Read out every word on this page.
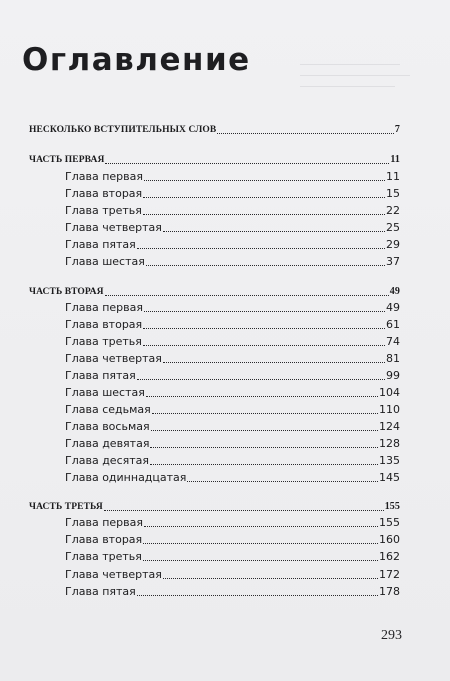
Оглавление
НЕСКОЛЬКО ВСТУПИТЕЛЬНЫХ СЛОВ	7
ЧАСТЬ ПЕРВАЯ	11
Глава первая	11
Глава вторая	15
Глава третья	22
Глава четвертая	25
Глава пятая	29
Глава шестая	37
ЧАСТЬ ВТОРАЯ	49
Глава первая	49
Глава вторая	61
Глава третья	74
Глава четвертая	81
Глава пятая	99
Глава шестая	104
Глава седьмая	110
Глава восьмая	124
Глава девятая	128
Глава десятая	135
Глава одиннадцатая	145
ЧАСТЬ ТРЕТЬЯ	155
Глава первая	155
Глава вторая	160
Глава третья	162
Глава четвертая	172
Глава пятая	178
293
